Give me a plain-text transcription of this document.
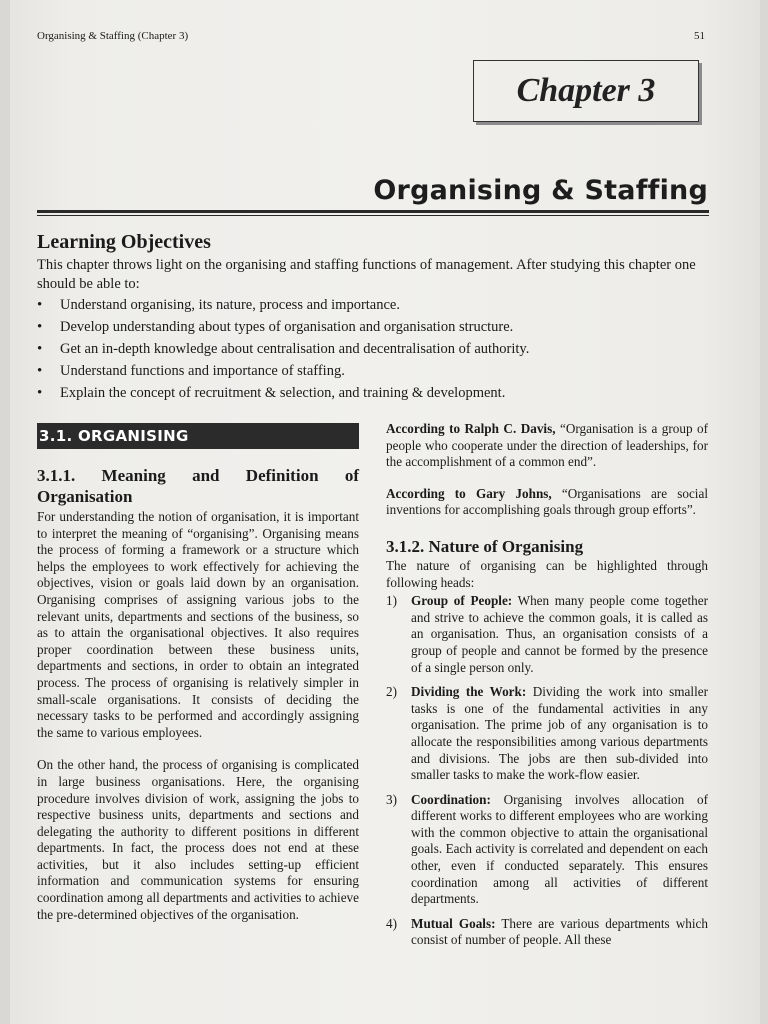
Organising & Staffing (Chapter 3)	51
Chapter 3
Organising & Staffing
Learning Objectives
This chapter throws light on the organising and staffing functions of management. After studying this chapter one should be able to:
• Understand organising, its nature, process and importance.
• Develop understanding about types of organisation and organisation structure.
• Get an in-depth knowledge about centralisation and decentralisation of authority.
• Understand functions and importance of staffing.
• Explain the concept of recruitment & selection, and training & development.
3.1. ORGANISING
3.1.1. Meaning and Definition of Organisation
For understanding the notion of organisation, it is important to interpret the meaning of “organising”. Organising means the process of forming a framework or a structure which helps the employees to work effectively for achieving the objectives, vision or goals laid down by an organisation. Organising comprises of assigning various jobs to the relevant units, departments and sections of the business, so as to attain the organisational objectives. It also requires proper coordination between these business units, departments and sections, in order to obtain an integrated process. The process of organising is relatively simpler in small-scale organisations. It consists of deciding the necessary tasks to be performed and accordingly assigning the same to various employees.
On the other hand, the process of organising is complicated in large business organisations. Here, the organising procedure involves division of work, assigning the jobs to respective business units, departments and sections and delegating the authority to different positions in different departments. In fact, the process does not end at these activities, but it also includes setting-up efficient information and communication systems for ensuring coordination among all departments and activities to achieve the pre-determined objectives of the organisation.
According to Ralph C. Davis, “Organisation is a group of people who cooperate under the direction of leaderships, for the accomplishment of a common end”.
According to Gary Johns, “Organisations are social inventions for accomplishing goals through group efforts”.
3.1.2. Nature of Organising
The nature of organising can be highlighted through following heads:
1) Group of People: When many people come together and strive to achieve the common goals, it is called as an organisation. Thus, an organisation consists of a group of people and cannot be formed by the presence of a single person only.
2) Dividing the Work: Dividing the work into smaller tasks is one of the fundamental activities in any organisation. The prime job of any organisation is to allocate the responsibilities among various departments and divisions. The jobs are then sub-divided into smaller tasks to make the work-flow easier.
3) Coordination: Organising involves allocation of different works to different employees who are working with the common objective to attain the organisational goals. Each activity is correlated and dependent on each other, even if conducted separately. This ensures coordination among all activities of different departments.
4) Mutual Goals: There are various departments which consist of number of people. All these
